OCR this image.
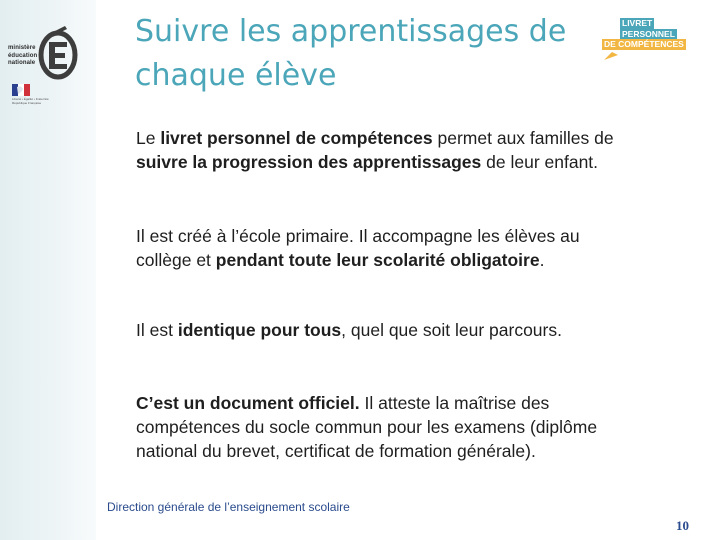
ministère
éducation
nationale
Liberté • Égalité • Fraternité
République Française
Suivre les apprentissages de
chaque élève
LIVRET
PERSONNEL
DE COMPÉTENCES
Le livret personnel de compétences permet aux familles de
suivre la progression des apprentissages de leur enfant.
Il est créé à l’école primaire. Il accompagne les élèves au
collège et pendant toute leur scolarité obligatoire.
Il est identique pour tous, quel que soit leur parcours.
C’est un document officiel. Il atteste la maîtrise des
compétences du socle commun pour les examens (diplôme
national du brevet, certificat de formation générale).
Direction générale de l’enseignement scolaire
10
